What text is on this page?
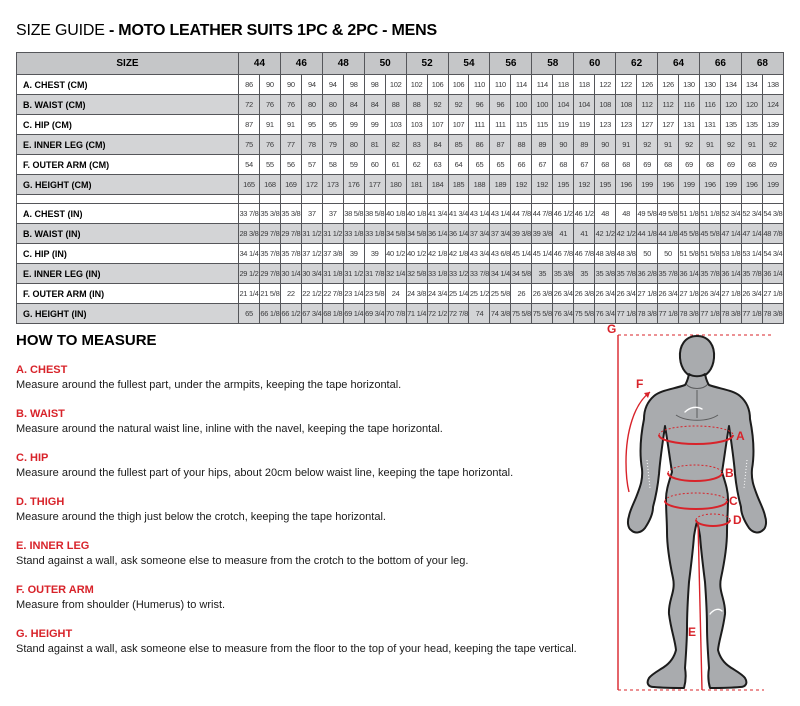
SIZE GUIDE - MOTO LEATHER SUITS 1PC & 2PC - MENS
SIZE	44		46		48		50		52		54		56		58		60		62		64		66		68	
A. CHEST (CM)	86	90	90	94	94	98	98	102	102	106	106	110	110	114	114	118	118	122	122	126	126	130	130	134	134	138
B. WAIST (CM)	72	76	76	80	80	84	84	88	88	92	92	96	96	100	100	104	104	108	108	112	112	116	116	120	120	124
C. HIP (CM)	87	91	91	95	95	99	99	103	103	107	107	111	111	115	115	119	119	123	123	127	127	131	131	135	135	139
E. INNER LEG (CM)	75	76	77	78	79	80	81	82	83	84	85	86	87	88	89	90	89	90	91	92	91	92	91	92	91	92
F. OUTER ARM (CM)	54	55	56	57	58	59	60	61	62	63	64	65	65	66	67	68	67	68	68	69	68	69	68	69	68	69
G. HEIGHT (CM)	165	168	169	172	173	176	177	180	181	184	185	188	189	192	192	195	192	195	196	199	196	199	196	199	196	199

A. CHEST (IN)	33 7/8	35 3/8	35 3/8	37	37	38 5/8	38 5/8	40 1/8	40 1/8	41 3/4	41 3/4	43 1/4	43 1/4	44 7/8	44 7/8	46 1/2	46 1/2	48	48	49 5/8	49 5/8	51 1/8	51 1/8	52 3/4	52 3/4	54 3/8
B. WAIST (IN)	28 3/8	29 7/8	29 7/8	31 1/2	31 1/2	33 1/8	33 1/8	34 5/8	34 5/8	36 1/4	36 1/4	37 3/4	37 3/4	39 3/8	39 3/8	41	41	42 1/2	42 1/2	44 1/8	44 1/8	45 5/8	45 5/8	47 1/4	47 1/4	48 7/8
C. HIP (IN)	34 1/4	35 7/8	35 7/8	37 1/2	37 3/8	39	39	40 1/2	40 1/2	42 1/8	42 1/8	43 3/4	43 6/8	45 1/4	45 1/4	46 7/8	46 7/8	48 3/8	48 3/8	50	50	51 5/8	51 5/8	53 1/8	53 1/4	54 3/4
E. INNER LEG (IN)	29 1/2	29 7/8	30 1/4	30 3/4	31 1/8	31 1/2	31 7/8	32 1/4	32 5/8	33 1/8	33 1/2	33 7/8	34 1/4	34 5/8	35	35 3/8	35	35 3/8	35 7/8	36 2/8	35 7/8	36 1/4	35 7/8	36 1/4	35 7/8	36 1/4
F. OUTER ARM (IN)	21 1/4	21 5/8	22	22 1/2	22 7/8	23 1/4	23 5/8	24	24 3/8	24 3/4	25 1/4	25 1/2	25 5/8	26	26 3/8	26 3/4	26 3/8	26 3/4	26 3/4	27 1/8	26 3/4	27 1/8	26 3/4	27 1/8	26 3/4	27 1/8
G. HEIGHT (IN)	65	66 1/8	66 1/2	67 3/4	68 1/8	69 1/4	69 3/4	70 7/8	71 1/4	72 1/2	72 7/8	74	74 3/8	75 5/8	75 5/8	76 3/4	75 5/8	76 3/4	77 1/8	78 3/8	77 1/8	78 3/8	77 1/8	78 3/8	77 1/8	78 3/8
HOW TO MEASURE
A. CHEST
Measure around the fullest part, under the armpits, keeping the tape horizontal.
B. WAIST
Measure around the natural waist line, inline with the navel, keeping the tape horizontal.
C. HIP
Measure around the fullest part of your hips, about 20cm below waist line, keeping the tape horizontal.
D. THIGH
Measure around the thigh just below the crotch, keeping the tape horizontal.
E. INNER LEG
Stand against a wall, ask someone else to measure from the crotch to the bottom of your leg.
F. OUTER ARM
Measure from shoulder (Humerus) to wrist.
G. HEIGHT
Stand against a wall, ask someone else to measure from the floor to the top of your head, keeping the tape vertical.
A
B
C
D
E
F
G
